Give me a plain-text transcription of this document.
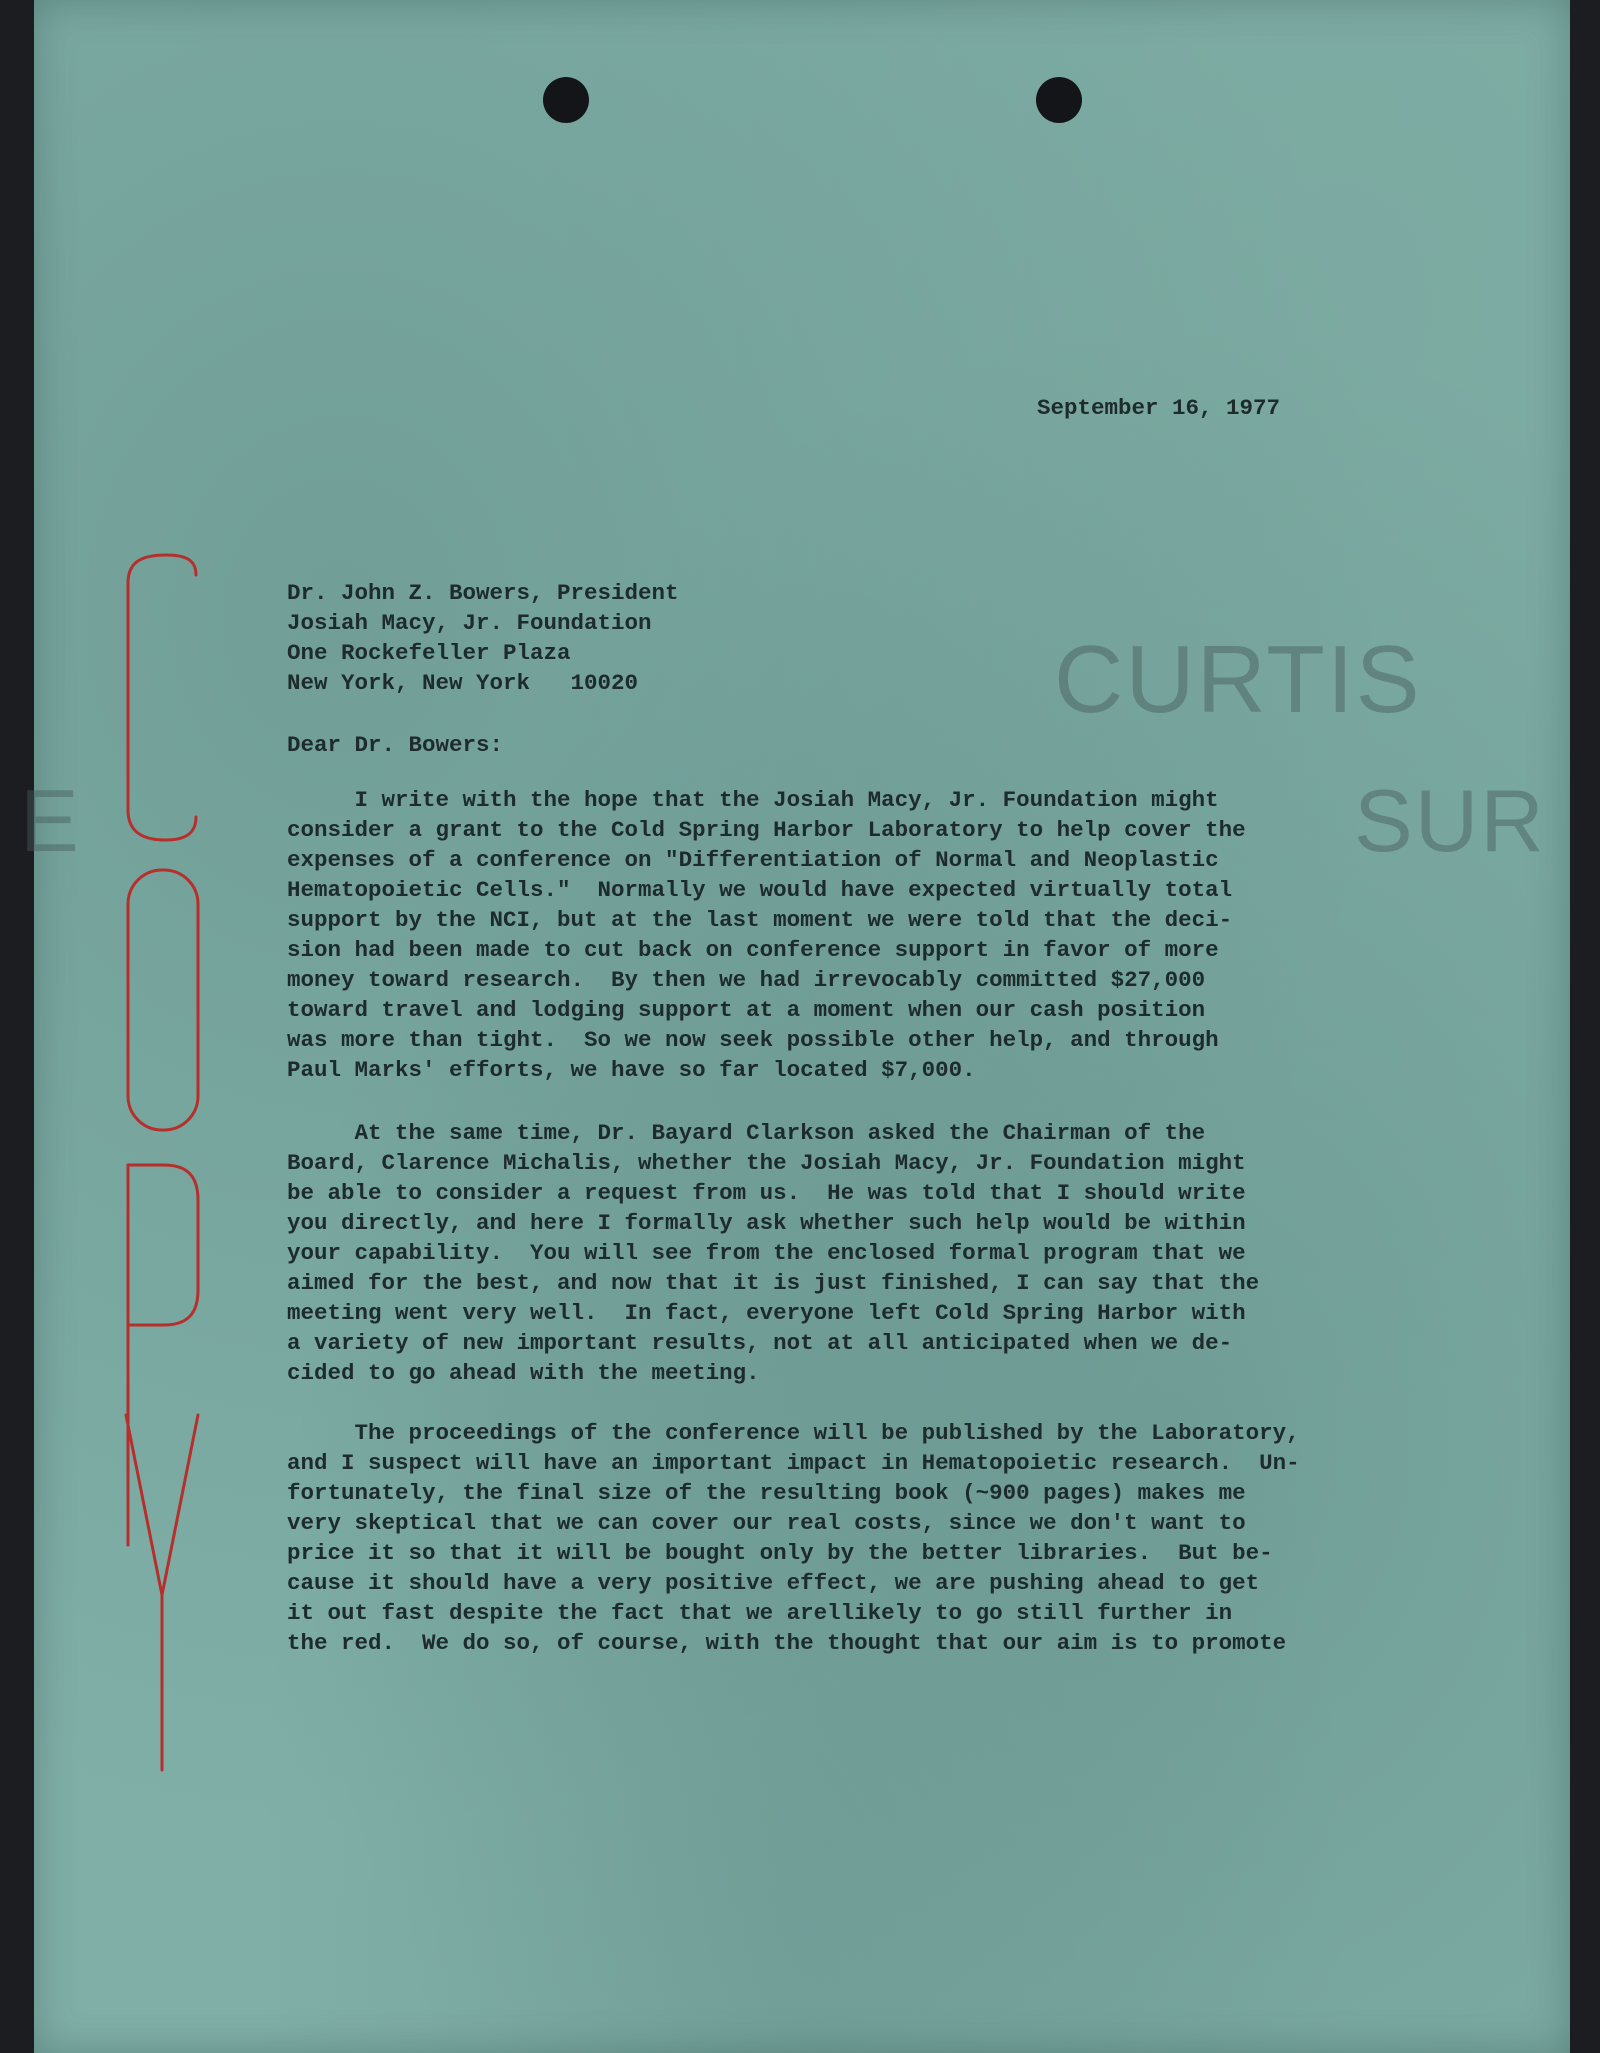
CURTIS
SUR
E
September 16, 1977
Dr. John Z. Bowers, President
Josiah Macy, Jr. Foundation
One Rockefeller Plaza
New York, New York   10020
Dear Dr. Bowers:
I write with the hope that the Josiah Macy, Jr. Foundation might
consider a grant to the Cold Spring Harbor Laboratory to help cover the
expenses of a conference on "Differentiation of Normal and Neoplastic
Hematopoietic Cells."  Normally we would have expected virtually total
support by the NCI, but at the last moment we were told that the deci-
sion had been made to cut back on conference support in favor of more
money toward research.  By then we had irrevocably committed $27,000
toward travel and lodging support at a moment when our cash position
was more than tight.  So we now seek possible other help, and through
Paul Marks' efforts, we have so far located $7,000.
At the same time, Dr. Bayard Clarkson asked the Chairman of the
Board, Clarence Michalis, whether the Josiah Macy, Jr. Foundation might
be able to consider a request from us.  He was told that I should write
you directly, and here I formally ask whether such help would be within
your capability.  You will see from the enclosed formal program that we
aimed for the best, and now that it is just finished, I can say that the
meeting went very well.  In fact, everyone left Cold Spring Harbor with
a variety of new important results, not at all anticipated when we de-
cided to go ahead with the meeting.
The proceedings of the conference will be published by the Laboratory,
and I suspect will have an important impact in Hematopoietic research.  Un-
fortunately, the final size of the resulting book (~900 pages) makes me
very skeptical that we can cover our real costs, since we don't want to
price it so that it will be bought only by the better libraries.  But be-
cause it should have a very positive effect, we are pushing ahead to get
it out fast despite the fact that we arellikely to go still further in
the red.  We do so, of course, with the thought that our aim is to promote
